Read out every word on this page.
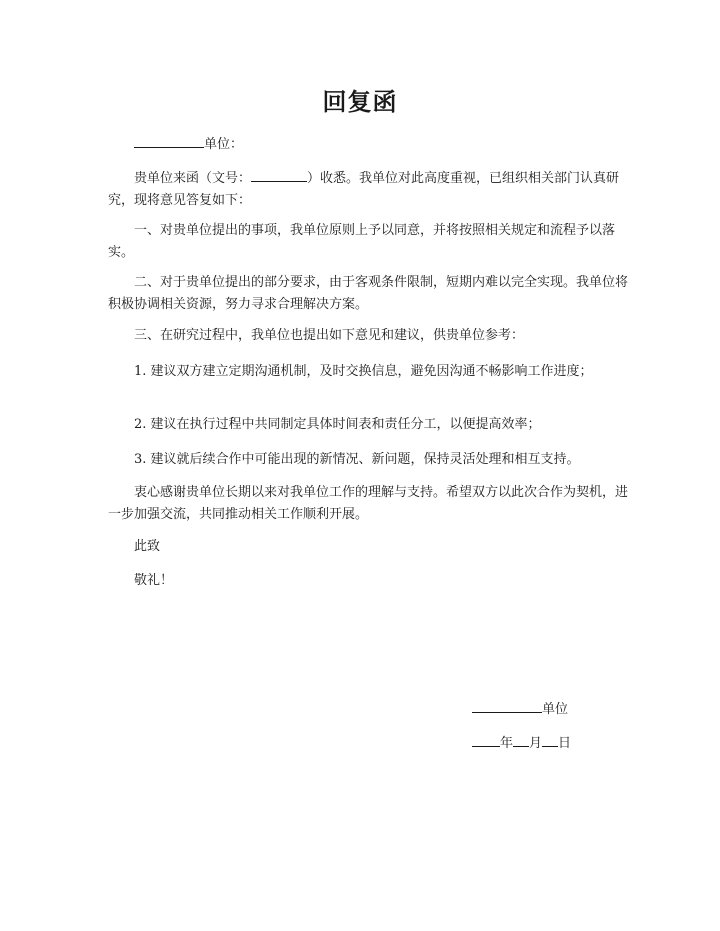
回复函
单位：

贵单位来函（文号：	）收悉。我单位对此高度重视，已组织相关部门认真研究，现将意见答复如下：

一、对贵单位提出的事项，我单位原则上予以同意，并将按照相关规定和流程予以落实。

二、对于贵单位提出的部分要求，由于客观条件限制，短期内难以完全实现。我单位将积极协调相关资源，努力寻求合理解决方案。

三、在研究过程中，我单位也提出如下意见和建议，供贵单位参考：

1. 建议双方建立定期沟通机制，及时交换信息，避免因沟通不畅影响工作进度；

2. 建议在执行过程中共同制定具体时间表和责任分工，以便提高效率；

3. 建议就后续合作中可能出现的新情况、新问题，保持灵活处理和相互支持。

衷心感谢贵单位长期以来对我单位工作的理解与支持。希望双方以此次合作为契机，进一步加强交流，共同推动相关工作顺利开展。

此致
敬礼！
单位
年 月 日
